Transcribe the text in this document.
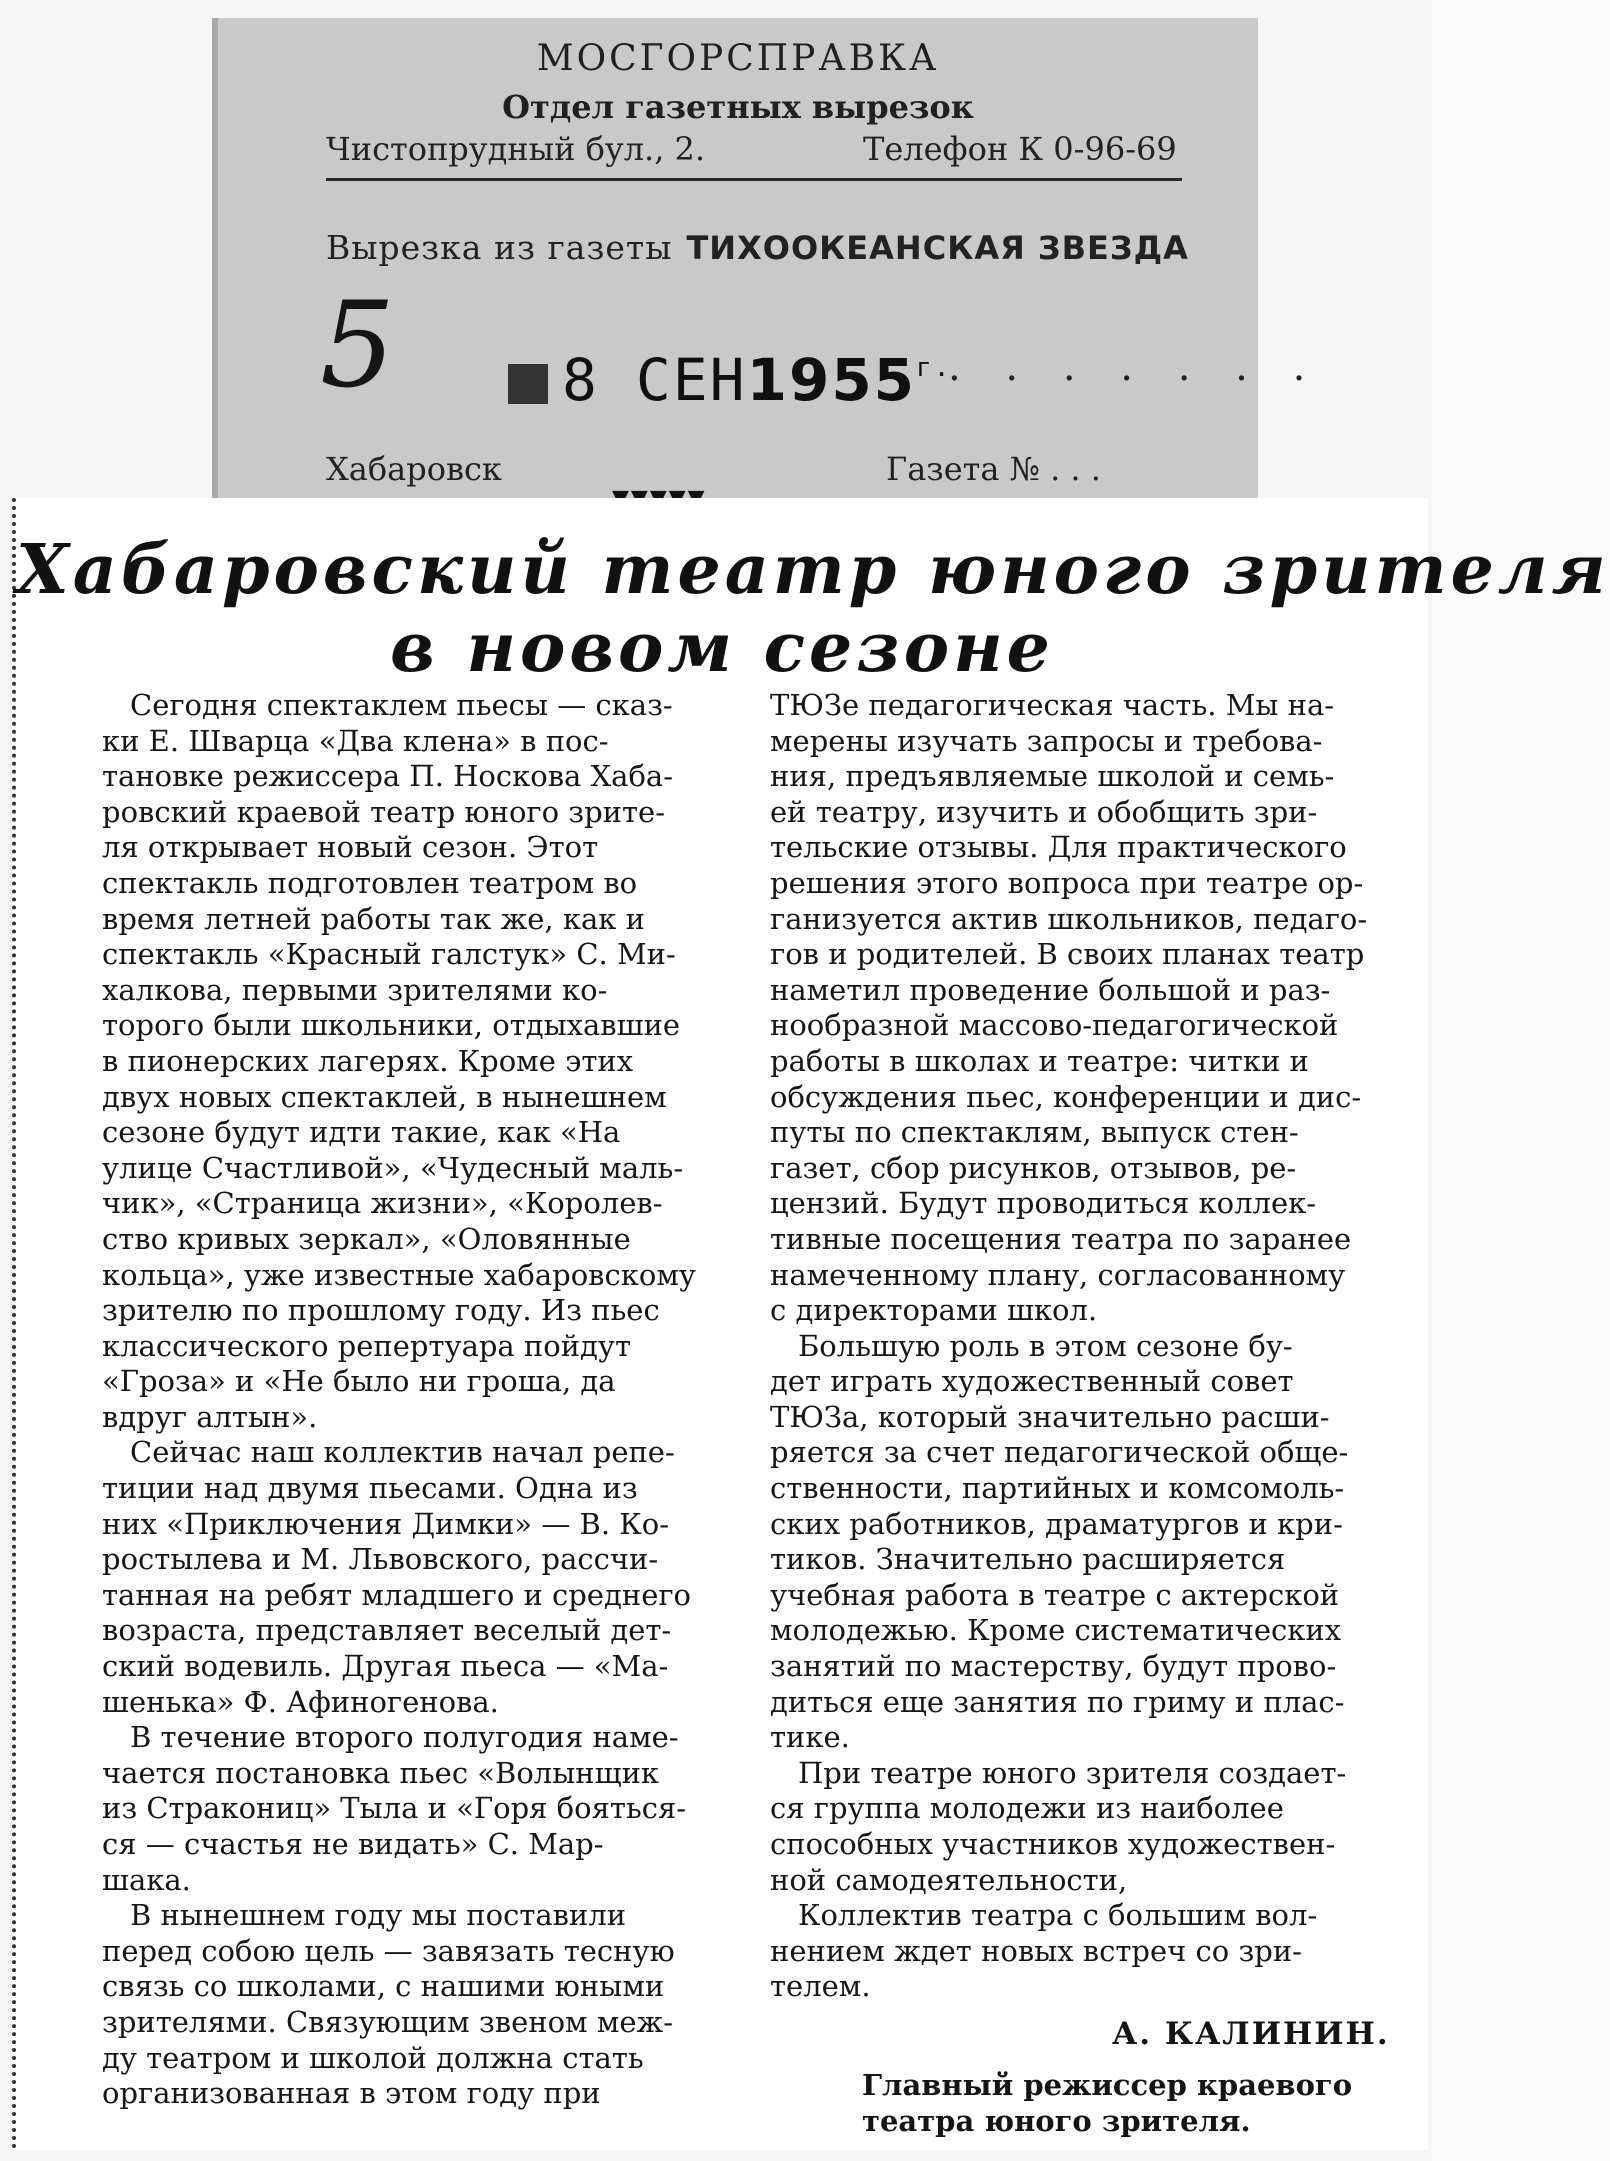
МОСГОРСПРАВКА
Отдел газетных вырезок
Чистопрудный бул., 2.	Телефон К 0-96-69
Вырезка из газеты ТИХООКЕАНСКАЯ ЗВЕЗДА
5	8 $СЕН1955^{г.}$
. . . . . . .
Хабаровск	Газета № . . .
Хабаровский театр юного зрителя
в новом сезоне

Сегодня спектаклем пьесы — сказ-

ки Е. Шварца «Два клена» в пос-

тановке режиссера П. Носкова Хаба-

ровский краевой театр юного зрите-

ля открывает новый сезон. Этот

спектакль подготовлен театром во

время летней работы так же, как и

спектакль «Красный галстук» С. Ми-

халкова, первыми зрителями ко-

торого были школьники, отдыхавшие

в пионерских лагерях. Кроме этих

двух новых спектаклей, в нынешнем

сезоне будут идти такие, как «На

улице Счастливой», «Чудесный маль-

чик», «Страница жизни», «Королев-

ство кривых зеркал», «Оловянные

кольца», уже известные хабаровскому

зрителю по прошлому году. Из пьес

классического репертуара пойдут

«Гроза» и «Не было ни гроша, да

вдруг алтын».

Сейчас наш коллектив начал репе-

тиции над двумя пьесами. Одна из

них «Приключения Димки» — В. Ко-

ростылева и М. Львовского, рассчи-

танная на ребят младшего и среднего

возраста, представляет веселый дет-

ский водевиль. Другая пьеса — «Ма-

шенька» Ф. Афиногенова.

В течение второго полугодия наме-

чается постановка пьес «Волынщик

из Стракониц» Тыла и «Горя бояться-

ся — счастья не видать» С. Мар-

шака.

В нынешнем году мы поставили

перед собою цель — завязать тесную

связь со школами, с нашими юными

зрителями. Связующим звеном меж-

ду театром и школой должна стать

организованная в этом году при

ТЮЗе педагогическая часть. Мы на-

мерены изучать запросы и требова-

ния, предъявляемые школой и семь-

ей театру, изучить и обобщить зри-

тельские отзывы. Для практического

решения этого вопроса при театре ор-

ганизуется актив школьников, педаго-

гов и родителей. В своих планах театр

наметил проведение большой и раз-

нообразной массово-педагогической

работы в школах и театре: читки и

обсуждения пьес, конференции и дис-

путы по спектаклям, выпуск стен-

газет, сбор рисунков, отзывов, ре-

цензий. Будут проводиться коллек-

тивные посещения театра по заранее

намеченному плану, согласованному

с директорами школ.

Большую роль в этом сезоне бу-

дет играть художественный совет

ТЮЗа, который значительно расши-

ряется за счет педагогической обще-

ственности, партийных и комсомоль-

ских работников, драматургов и кри-

тиков. Значительно расширяется

учебная работа в театре с актерской

молодежью. Кроме систематических

занятий по мастерству, будут прово-

диться еще занятия по гриму и плас-

тике.

При театре юного зрителя создает-

ся группа молодежи из наиболее

способных участников художествен-

ной самодеятельности,

Коллектив театра с большим вол-

нением ждет новых встреч со зри-

телем.

А. КАЛИНИН.
Главный режиссер краевого
театра юного зрителя.
